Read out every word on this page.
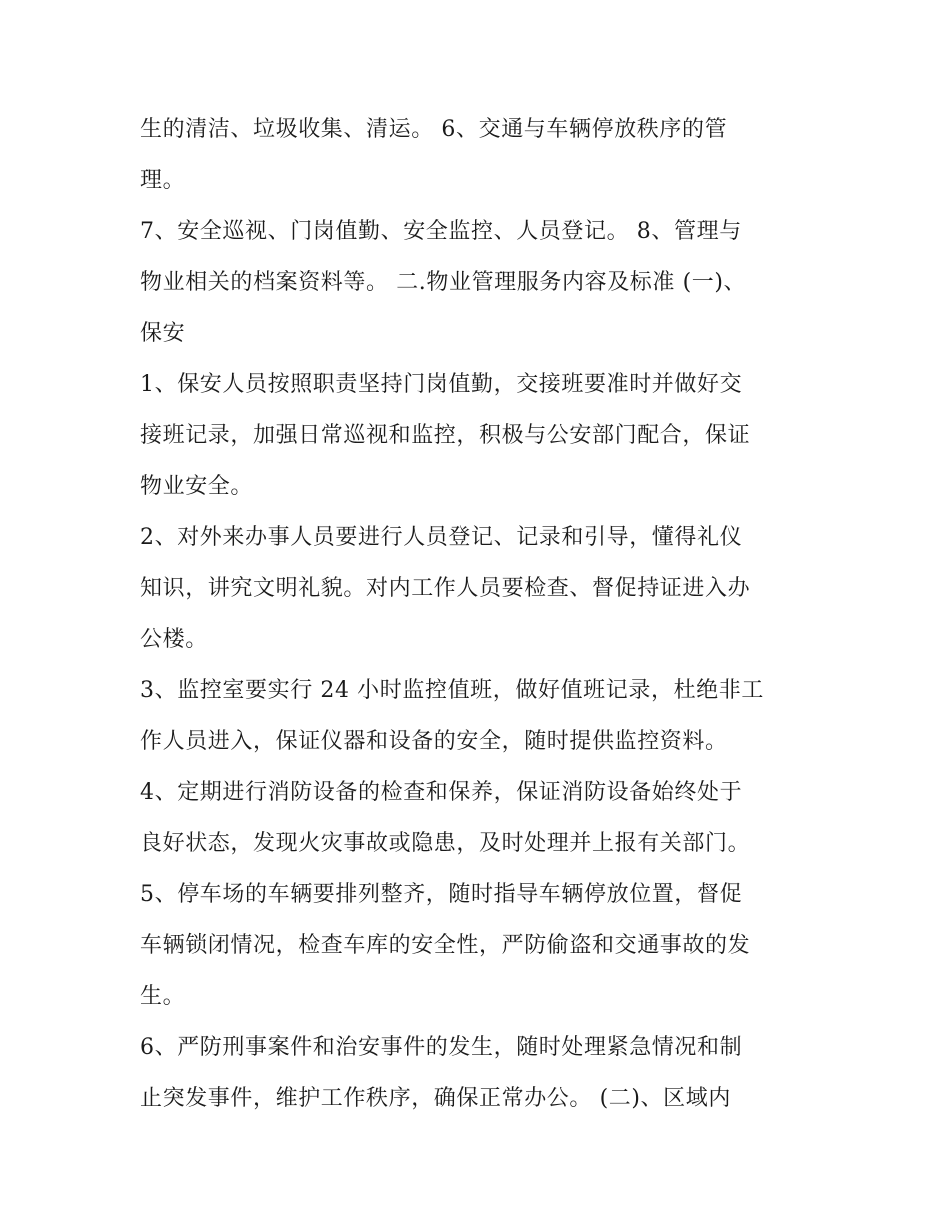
生的清洁、垃圾收集、清运。 6、交通与车辆停放秩序的管
理。
7、安全巡视、门岗值勤、安全监控、人员登记。 8、管理与
物业相关的档案资料等。 二.物业管理服务内容及标准 (一)、
保安
1、保安人员按照职责坚持门岗值勤，交接班要准时并做好交
接班记录，加强日常巡视和监控，积极与公安部门配合，保证
物业安全。
2、对外来办事人员要进行人员登记、记录和引导，懂得礼仪
知识，讲究文明礼貌。对内工作人员要检查、督促持证进入办
公楼。
3、监控室要实行 24 小时监控值班，做好值班记录，杜绝非工
作人员进入，保证仪器和设备的安全，随时提供监控资料。
4、定期进行消防设备的检查和保养，保证消防设备始终处于
良好状态，发现火灾事故或隐患，及时处理并上报有关部门。
5、停车场的车辆要排列整齐，随时指导车辆停放位置，督促
车辆锁闭情况，检查车库的安全性，严防偷盗和交通事故的发
生。
6、严防刑事案件和治安事件的发生，随时处理紧急情况和制
止突发事件，维护工作秩序，确保正常办公。 (二)、区域内
